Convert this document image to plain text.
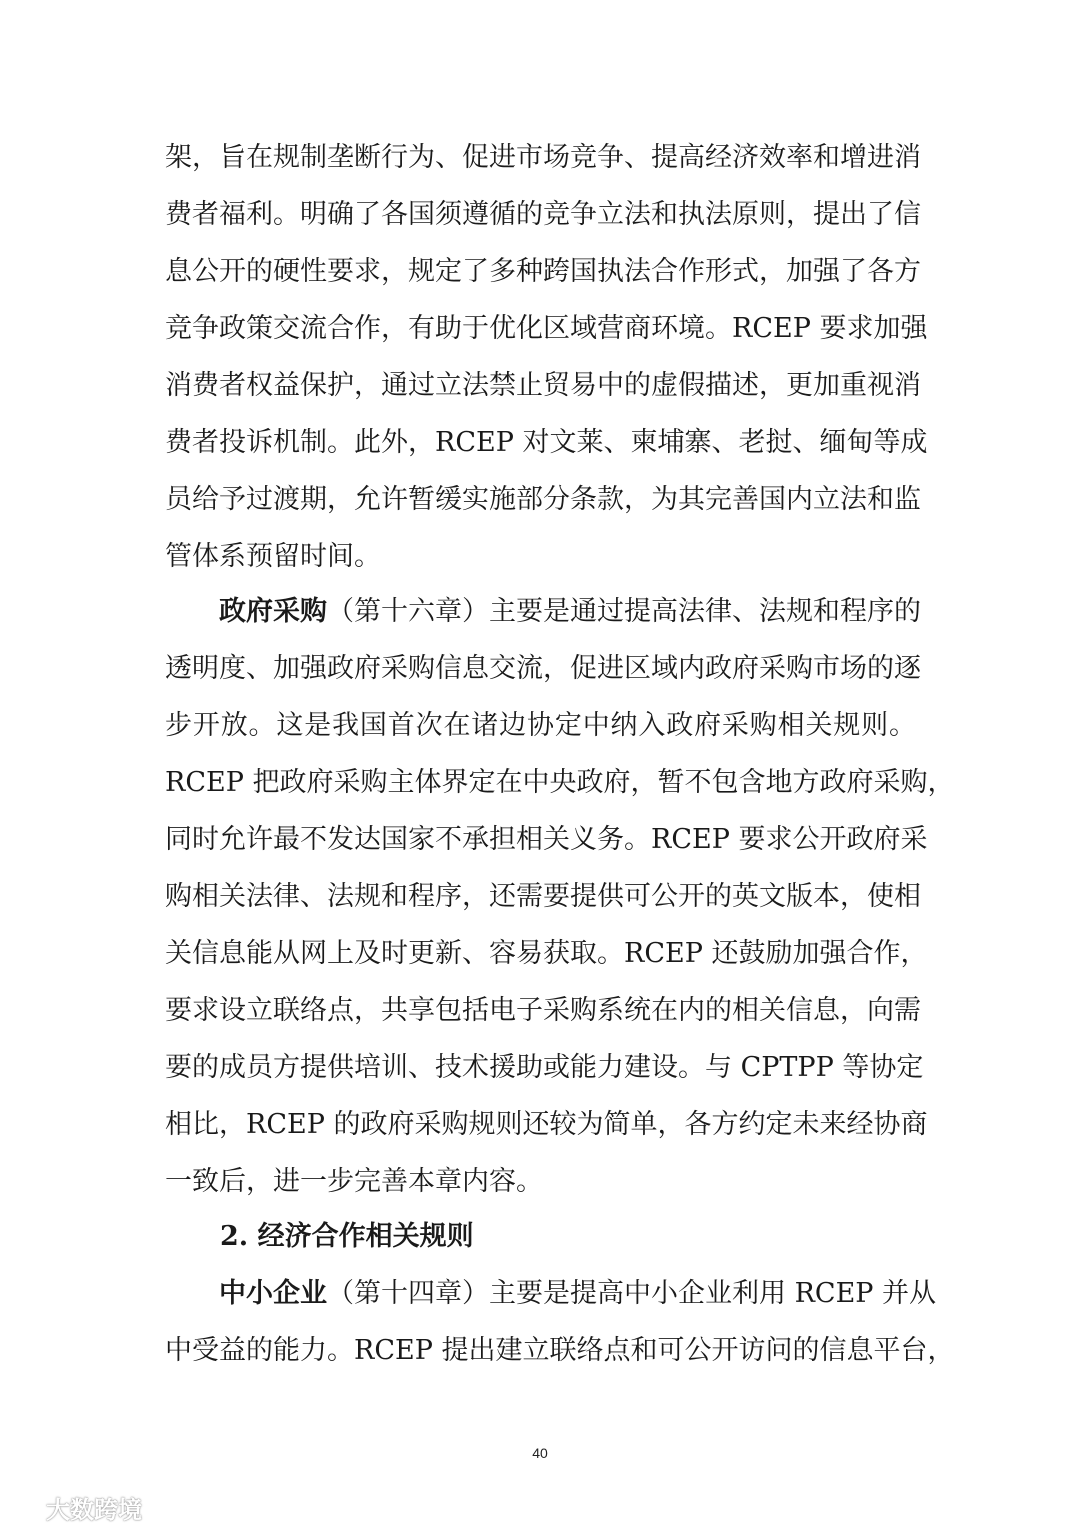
架，旨在规制垄断行为、促进市场竞争、提高经济效率和增进消
费者福利。明确了各国须遵循的竞争立法和执法原则，提出了信
息公开的硬性要求，规定了多种跨国执法合作形式，加强了各方
竞争政策交流合作，有助于优化区域营商环境。RCEP 要求加强
消费者权益保护，通过立法禁止贸易中的虚假描述，更加重视消
费者投诉机制。此外，RCEP 对文莱、柬埔寨、老挝、缅甸等成
员给予过渡期，允许暂缓实施部分条款，为其完善国内立法和监
管体系预留时间。
政府采购（第十六章）主要是通过提高法律、法规和程序的
透明度、加强政府采购信息交流，促进区域内政府采购市场的逐
步开放。这是我国首次在诸边协定中纳入政府采购相关规则。
RCEP 把政府采购主体界定在中央政府，暂不包含地方政府采购，
同时允许最不发达国家不承担相关义务。RCEP 要求公开政府采
购相关法律、法规和程序，还需要提供可公开的英文版本，使相
关信息能从网上及时更新、容易获取。RCEP 还鼓励加强合作，
要求设立联络点，共享包括电子采购系统在内的相关信息，向需
要的成员方提供培训、技术援助或能力建设。与 CPTPP 等协定
相比，RCEP 的政府采购规则还较为简单，各方约定未来经协商
一致后，进一步完善本章内容。
2. 经济合作相关规则
中小企业（第十四章）主要是提高中小企业利用 RCEP 并从
中受益的能力。RCEP 提出建立联络点和可公开访问的信息平台，
40
大数跨境
